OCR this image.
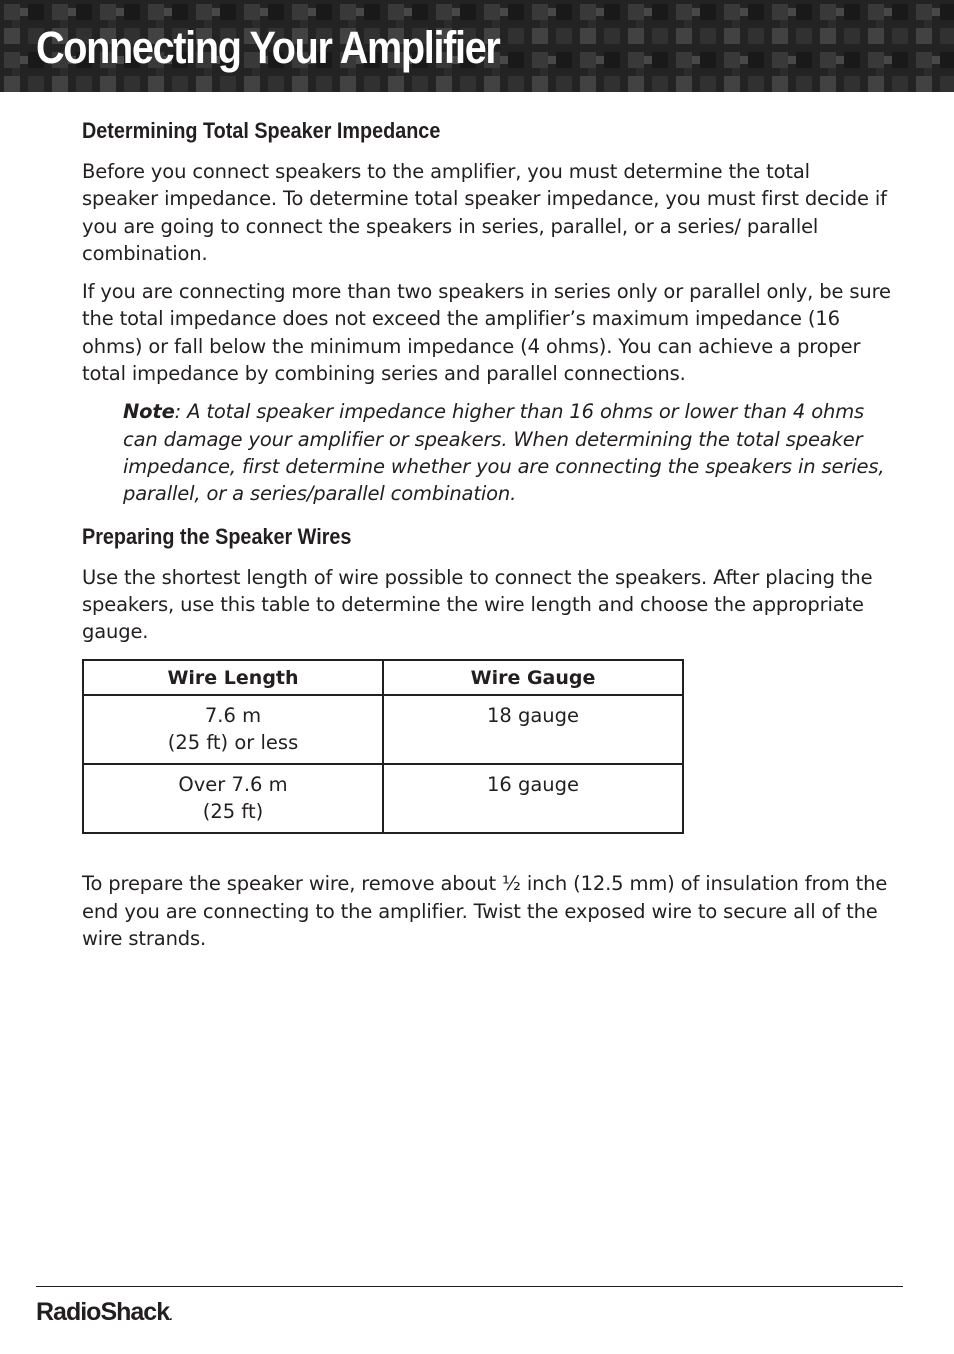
Connecting Your Amplifier
Determining Total Speaker Impedance

Before you connect speakers to the amplifier, you must determine the total speaker impedance. To determine total speaker impedance, you must first decide if you are going to connect the speakers in series, parallel, or a series/ parallel combination.

If you are connecting more than two speakers in series only or parallel only, be sure the total impedance does not exceed the amplifier’s maximum impedance (16 ohms) or fall below the minimum impedance (4 ohms). You can achieve a proper total impedance by combining series and parallel connections.

Note: A total speaker impedance higher than 16 ohms or lower than 4 ohms can damage your amplifier or speakers. When determining the total speaker impedance, first determine whether you are connecting the speakers in series, parallel, or a series/parallel combination.

Preparing the Speaker Wires

Use the shortest length of wire possible to connect the speakers. After placing the speakers, use this table to determine the wire length and choose the appropriate gauge.

Wire Length	Wire Gauge

7.6 m
(25 ft) or less	18 gauge

Over 7.6 m
(25 ft)	16 gauge

To prepare the speaker wire, remove about ½ inch (12.5 mm) of insulation from the end you are connecting to the amplifier. Twist the exposed wire to secure all of the wire strands.

RadioShack.
